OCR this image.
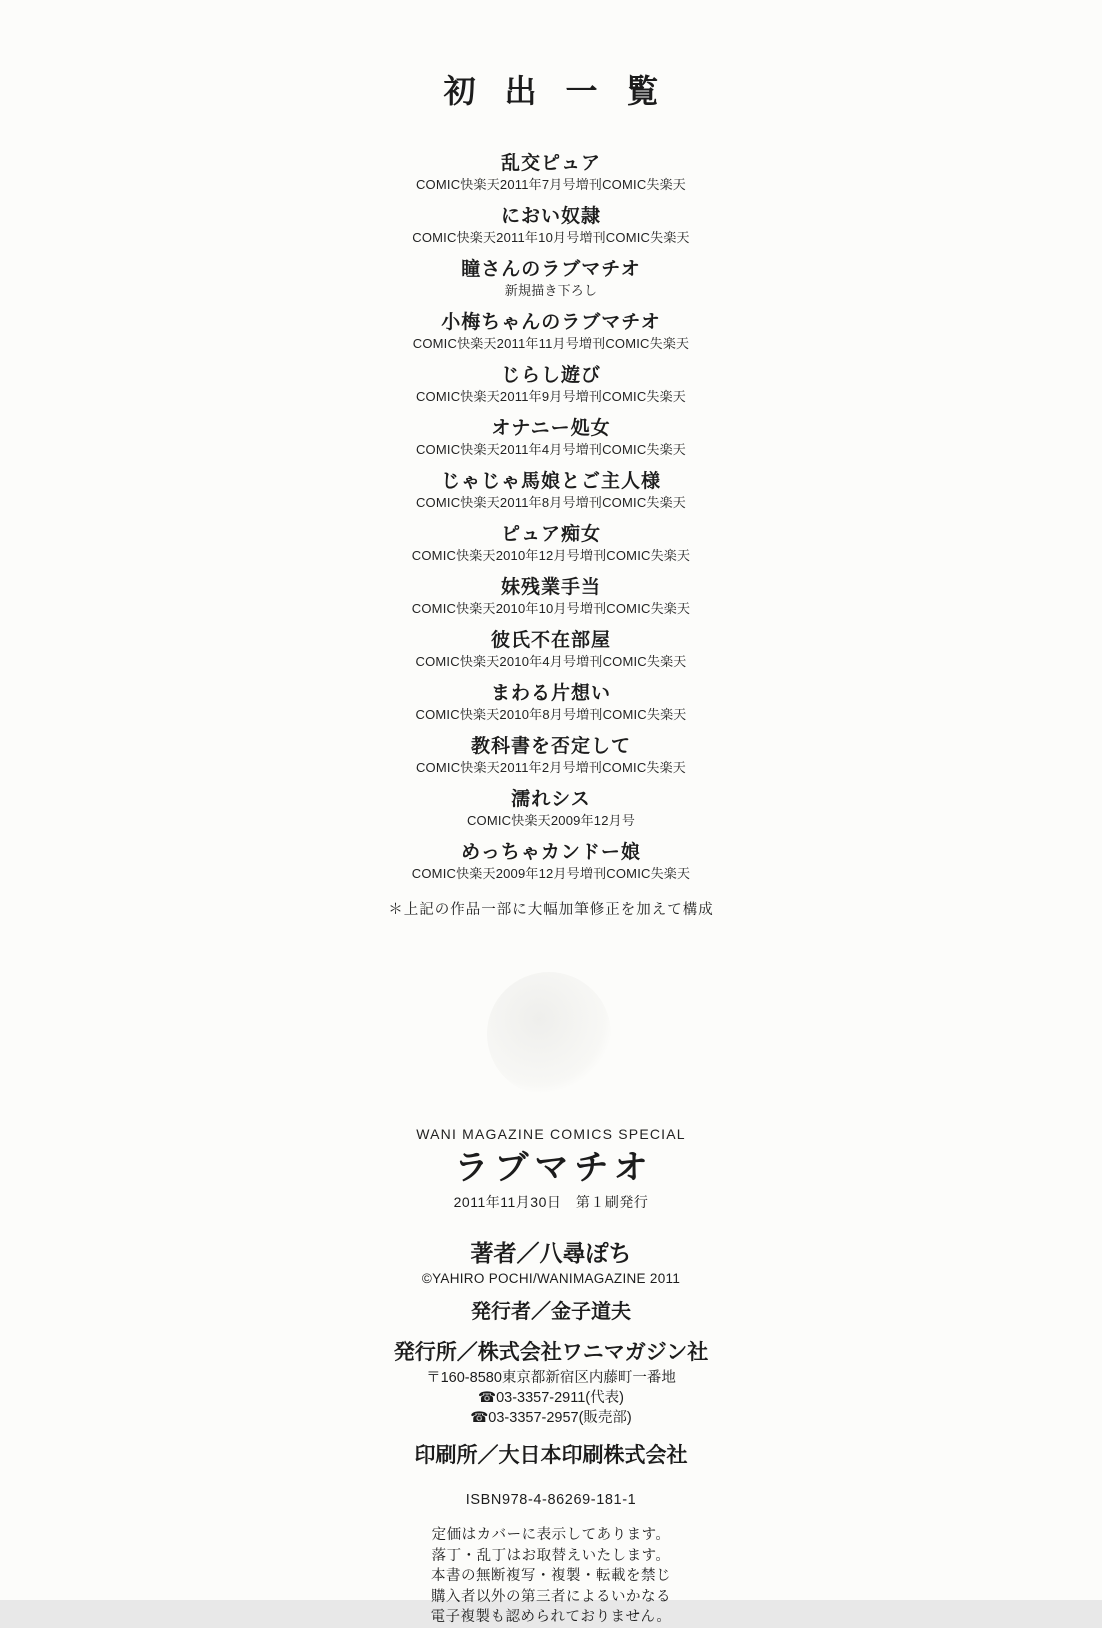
初 出 一 覧
乱交ピュア
COMIC快楽天2011年7月号増刊COMIC失楽天
におい奴隷
COMIC快楽天2011年10月号増刊COMIC失楽天
瞳さんのラブマチオ
新規描き下ろし
小梅ちゃんのラブマチオ
COMIC快楽天2011年11月号増刊COMIC失楽天
じらし遊び
COMIC快楽天2011年9月号増刊COMIC失楽天
オナニー処女
COMIC快楽天2011年4月号増刊COMIC失楽天
じゃじゃ馬娘とご主人様
COMIC快楽天2011年8月号増刊COMIC失楽天
ピュア痴女
COMIC快楽天2010年12月号増刊COMIC失楽天
妹残業手当
COMIC快楽天2010年10月号増刊COMIC失楽天
彼氏不在部屋
COMIC快楽天2010年4月号増刊COMIC失楽天
まわる片想い
COMIC快楽天2010年8月号増刊COMIC失楽天
教科書を否定して
COMIC快楽天2011年2月号増刊COMIC失楽天
濡れシス
COMIC快楽天2009年12月号
めっちゃカンドー娘
COMIC快楽天2009年12月号増刊COMIC失楽天

＊上記の作品一部に大幅加筆修正を加えて構成

WANI MAGAZINE COMICS SPECIAL
ラブマチオ
2011年11月30日　第１刷発行
著者／八尋ぽち
©YAHIRO POCHI/WANIMAGAZINE 2011
発行者／金子道夫
発行所／株式会社ワニマガジン社
〒160-8580東京都新宿区内藤町一番地
☎03-3357-2911(代表)
☎03-3357-2957(販売部)
印刷所／大日本印刷株式会社
ISBN978-4-86269-181-1
定価はカバーに表示してあります。
落丁・乱丁はお取替えいたします。
本書の無断複写・複製・転載を禁じ
購入者以外の第三者によるいかなる
電子複製も認められておりません。
